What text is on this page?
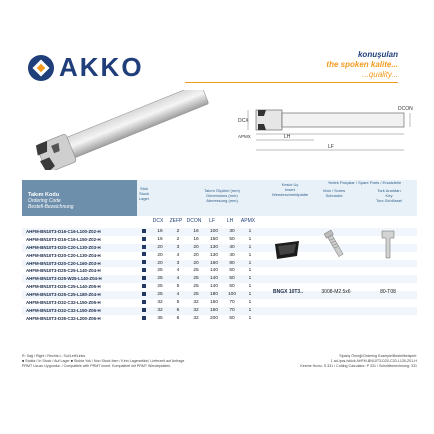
AKKO	konuşulan
the spoken kalite...
...quality...
DCX
DCON
APMX	LH
LF
Takım Kodu
Ordering Code
Bestell-Bezeichnung
Stok
Stock
Lager
Takım Ölçüleri (mm)
Dimensions (mm)
Abmessung (mm)
Kesici Uç
Insert
Wendeschneidplatte
Yedek Parçalar / Spare Parts / Ersatzteile
Vida / Screw
Schraube
Tork Anahtarı
Key
Torx-Schlüssel
DCX	ZEFP DCON	LF	LH	APMX
AHFM-BN10T3-D16-C16-L100-Z02-H	16	2	16	100	30	1
AHFM-BN10T3-D16-C16-L150-Z02-H	16	2	16	150	50	1
AHFM-BN10T3-D20-C20-L130-Z03-H	20	3	20	130	40	1
AHFM-BN10T3-D20-C20-L130-Z04-H	20	4	20	130	40	1
AHFM-BN10T3-D20-C20-L160-Z03-H	20	3	20	160	80	1
AHFM-BN10T3-D25-C25-L140-Z04-H	25	4	25	140	50	1
AHFM-BN10T3-D25-W25-L140-Z04-H	25	4	25	140	50	1
AHFM-BN10T3-D25-C25-L140-Z05-H	25	5	25	140	50	1
AHFM-BN10T3-D25-C25-L180-Z04-H	25	4	25	180	100	1
AHFM-BN10T3-D32-C32-L150-Z05-H	32	5	32	150	70	1
AHFM-BN10T3-D32-C32-L150-Z06-H	32	6	32	150	70	1
AHFM-BN10T3-D35-C32-L200-Z06-H	35	6	32	200	50	1
BNGX 10T3..	3008-M2.5x6	80-T08
R: Sağ / Right / Rechts L: Sol/Left/Links
■ Stokta / In Stock / Auf Lager ■ Stokta Yok / Non Stock Item / Kein Lagerartikel, Lieferzeit auf Anfrage
PRMT Ucuzu Uygundur. / Compatible with PRMT insert. Kompatibel mit PRMT Wendeplatten.
Sipariş Örneği/Ordering Example/Bestellbeispiel:
1 ad./pcs./stück AHFM-BN10T3-D20-C20-L130-Z01-H
Kesme Hızısı: S 331 / Cutting Calculator: P 331 / Schnittberechnung: 331
